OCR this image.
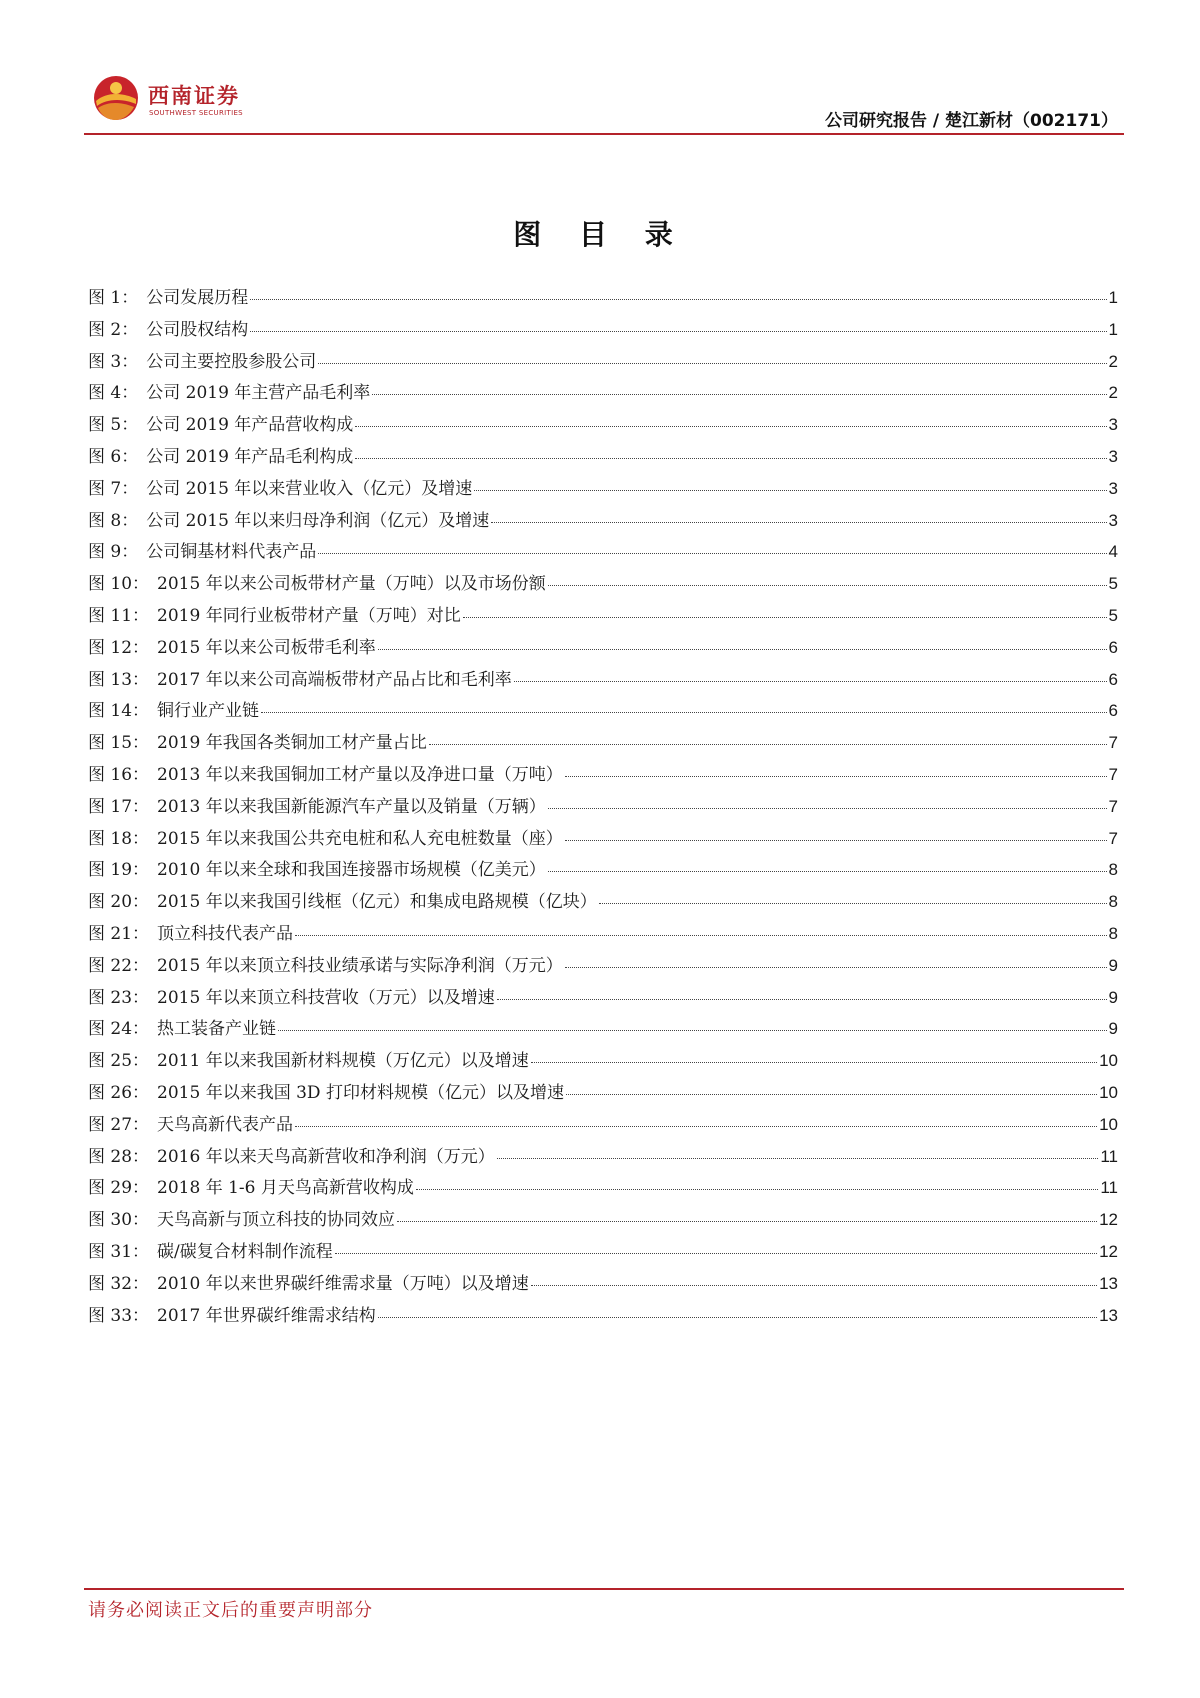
西南证券
SOUTHWEST SECURITIES	公司研究报告 / 楚江新材（002171）
图 目 录
图 1 ： 公司发展历程	1
图 2 ： 公司股权结构	1
图 3 ： 公司主要控股参股公司	2
图 4 ： 公司 2019 年主营产品毛利率	2
图 5 ： 公司 2019 年产品营收构成	3
图 6 ： 公司 2019 年产品毛利构成	3
图 7 ： 公司 2015 年以来营业收入（亿元）及增速	3
图 8 ： 公司 2015 年以来归母净利润（亿元）及增速	3
图 9 ： 公司铜基材料代表产品	4
图 10 ： 2015 年以来公司板带材产量（万吨）以及市场份额	5
图 11 ： 2019 年同行业板带材产量（万吨）对比	5
图 12 ： 2015 年以来公司板带毛利率	6
图 13 ： 2017 年以来公司高端板带材产品占比和毛利率	6
图 14 ： 铜行业产业链	6
图 15 ： 2019 年我国各类铜加工材产量占比	7
图 16 ： 2013 年以来我国铜加工材产量以及净进口量（万吨）	7
图 17 ： 2013 年以来我国新能源汽车产量以及销量（万辆）	7
图 18 ： 2015 年以来我国公共充电桩和私人充电桩数量（座）	7
图 19 ： 2010 年以来全球和我国连接器市场规模（亿美元）	8
图 20 ： 2015 年以来我国引线框（亿元）和集成电路规模（亿块）	8
图 21 ： 顶立科技代表产品	8
图 22 ： 2015 年以来顶立科技业绩承诺与实际净利润（万元）	9
图 23 ： 2015 年以来顶立科技营收（万元）以及增速	9
图 24 ： 热工装备产业链	9
图 25 ： 2011 年以来我国新材料规模（万亿元）以及增速	10
图 26 ： 2015 年以来我国 3D 打印材料规模（亿元）以及增速	10
图 27 ： 天鸟高新代表产品	10
图 28 ： 2016 年以来天鸟高新营收和净利润（万元）	11
图 29 ： 2018 年 1-6 月天鸟高新营收构成	11
图 30 ： 天鸟高新与顶立科技的协同效应	12
图 31 ： 碳/碳复合材料制作流程	12
图 32 ： 2010 年以来世界碳纤维需求量（万吨）以及增速	13
图 33 ： 2017 年世界碳纤维需求结构	13
请务必阅读正文后的重要声明部分
